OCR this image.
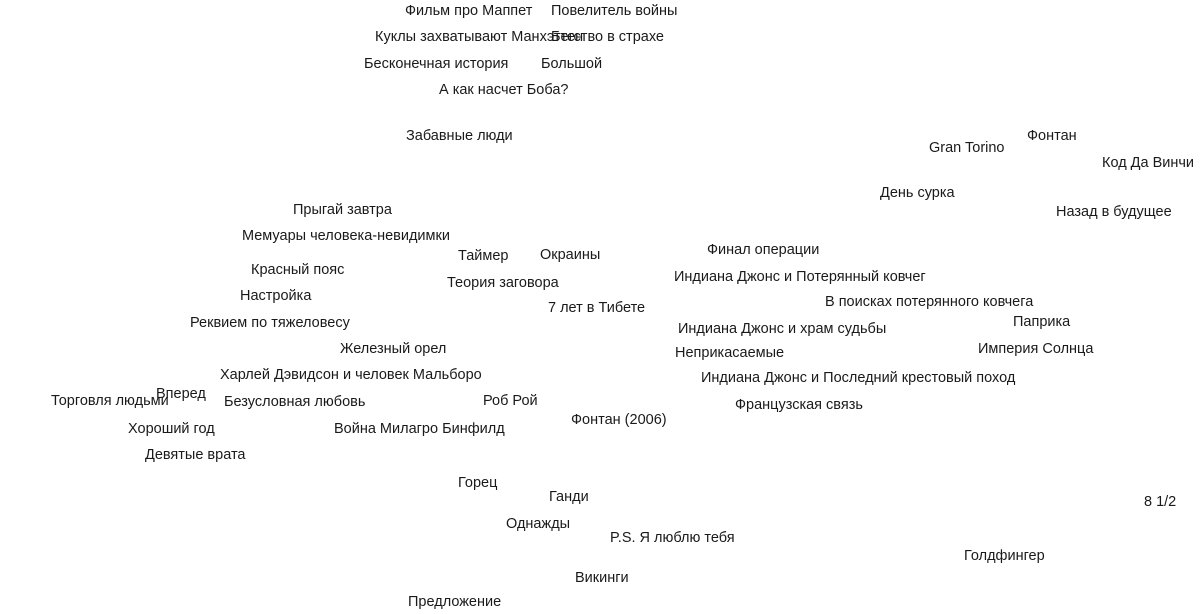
Фильм про Маппет Повелитель войны
Куклы захватывают Манхэттен
Бегство в страхе
Бесконечная история Большой
А как насчет Боба?
Забавные люди	Фонтан
Gran Torino
Код Да Винчи
День сурка
Назад в будущее
Прыгай завтра
Мемуары человека-невидимки
Таймер Окраины	Финал операции
Красный пояс
Теория заговора	Индиана Джонс и Потерянный ковчег
Настройка
7 лет в Тибете	В поисках потерянного ковчега
Реквием по тяжеловесу	Паприка
Индиана Джонс и храм судьбы
Железный орел	Империя Солнца
Неприкасаемые
Харлей Дэвидсон и человек Мальборо	Индиана Джонс и Последний крестовый поход
Вперед
Торговля людьми	Безусловная любовь	Роб Рой	Французская связь
Фонтан (2006)
Хороший год	Война Милагро Бинфилд
Девятые врата
Горец
Ганди	8 1/2
Однажды
P.S. Я люблю тебя
Голдфингер
Викинги
Предложение
